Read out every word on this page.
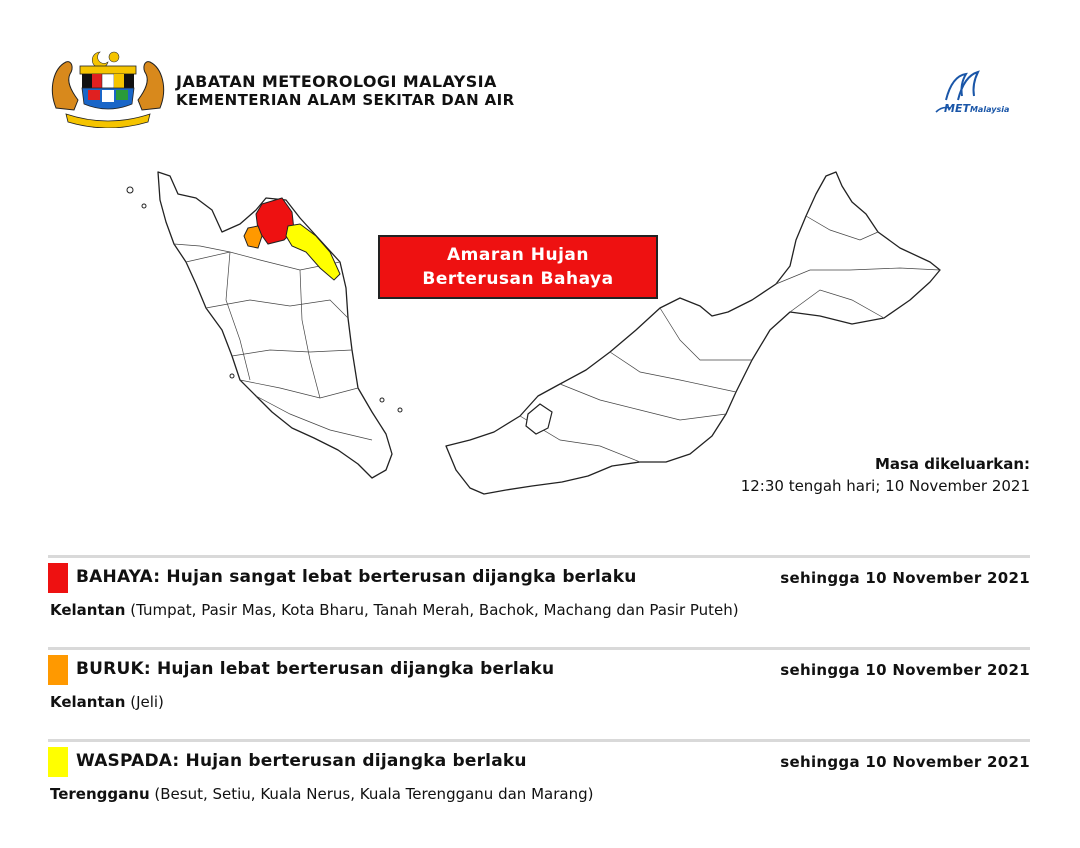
JABATAN METEOROLOGI MALAYSIA
KEMENTERIAN ALAM SEKITAR DAN AIR	METMalaysia
Amaran Hujan
Berterusan Bahaya
Masa dikeluarkan:
12:30 tengah hari; 10 November 2021
BAHAYA: Hujan sangat lebat berterusan dijangka berlaku	sehingga 10 November 2021
Kelantan (Tumpat, Pasir Mas, Kota Bharu, Tanah Merah, Bachok, Machang dan Pasir Puteh)
BURUK: Hujan lebat berterusan dijangka berlaku	sehingga 10 November 2021
Kelantan (Jeli)
WASPADA: Hujan berterusan dijangka berlaku	sehingga 10 November 2021
Terengganu (Besut, Setiu, Kuala Nerus, Kuala Terengganu dan Marang)
